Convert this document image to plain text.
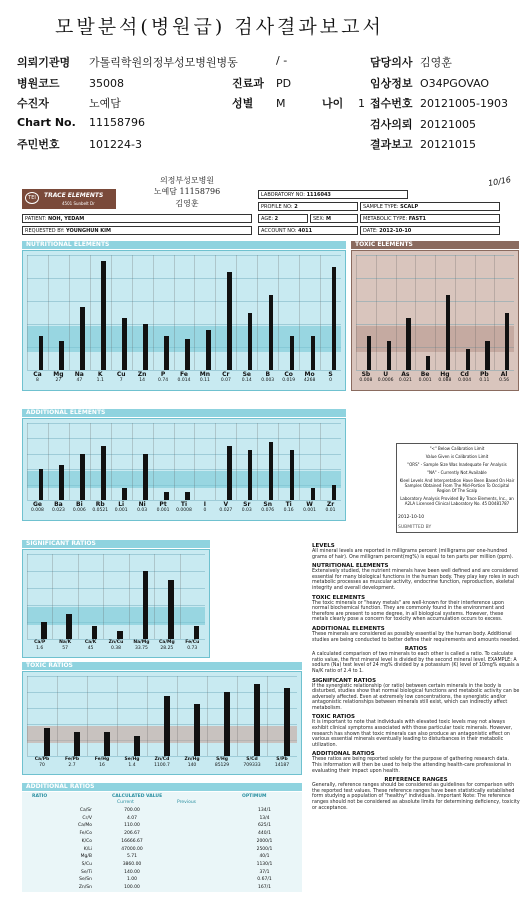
모발분석(병원급) 검사결과보고서
의뢰기관명 가톨릭학원의정부성모병원병동
병원코드	35008
수진자	노예담
Chart No. 11158796
주민번호	101224-3
/ -
진료과 PD
성별 M	나이 1
담당의사 김영훈
임상정보 O34PGOVAO
접수번호 20121005-1903
검사의뢰 20121005
결과보고 20121015
TEI	TRACE ELEMENTS
4501 Sunbelt Dr
의정부성모병원
노예담 11158796
김영훈
10/16
LABORATORY NO: 1116043
PROFILE NO: 2	SAMPLE TYPE: SCALP
PATIENT: NOH, YEDAM	AGE: 2	SEX: M	METABOLIC TYPE: FAST1
REQUESTED BY: YOUNGHUN KIM	ACCOUNT NO: 4011	DATE: 2012-10-10
NUTRITIONAL ELEMENTS
Ca
8
Mg
27
Na
47
K
1.1
Cu
7
Zn
14
P
0.74
Fe
0.014
Mn
0.11
Cr
0.07
Se
0.14
B
0.003
Co
0.019
Mo
4268
S
0
TOXIC ELEMENTS
Sb
0.008
U
0.0006
As
0.021
Be
0.001
Hg
0.088
Cd
0.004
Pb
0.11
Al
0.56
ADDITIONAL ELEMENTS
Ge
0.008
Ba
0.023
Bi
0.006
Rb
0.0521
Li
0.001
Ni
0.03
Pt
0.001
Ti
0.0008
I
0
V
0.027
Sr
0.03
Sn
0.076
Ti
0.16
W
0.001
Zr
0.01
"<" Below Calibration Limit
Value Given is Calibration Limit
"ORS" - Sample Size Was Inadequate For Analysis
"NA" - Currently Not Available
Kleel Levels And Interpretation Have Been Based On Hair Samples Obtained From The Mid-Portion To Occipital Region Of The Scalp
Laboratory Analysis Provided By Trace Elements, Inc., an A2LA Licensed Clinical Laboratory No. 45 D0481787
2012-10-10
SUBMITTED BY
SIGNIFICANT RATIOS
Ca/P
1.6
Na/K
57
Ca/K
45
Zn/Cu
0.38
Na/Mg
33.75
Ca/Mg
28.25
Fe/Cu
0.73
TOXIC RATIOS
Ca/Pb
70
Fe/Pb
2.7
Fe/Hg
16
Se/Hg
1.4
Zn/Cd
1100.7
Zn/Hg
140
S/Hg
85129
S/Cd
709333
S/Pb
14187
ADDITIONAL RATIOS
RATIO	CALCULATED VALUE	OPTIMUM
Current	Previous
Ca/Sr	700.00	134/1
Cr/V	4.07	13/4
Ca/Mo	110.00	625/1
Fe/Co	206.67	440/1
K/Co	16666.67	2000/1
K/Li	47000.00	2500/1
Mg/B	5.71	40/1
S/Cu	3860.00	1130/1
Se/Ti	140.00	37/1
Se/Sn	1.00	0.67/1
Zn/Sn	100.00	167/1
LEVELS
All mineral levels are reported in milligrams percent (milligrams per one-hundred grams of hair). One milligram percent(mg%) is equal to ten parts per million (ppm).
NUTRITIONAL ELEMENTS
Extensively studied, the nutrient minerals have been well defined and are considered essential for many biological functions in the human body. They play key roles in such metabolic processes as muscular activity, endocrine function, reproduction, skeletal integrity and overall development.
TOXIC ELEMENTS
The toxic minerals or "heavy metals" are well-known for their interference upon normal biochemical function. They are commonly found in the environment and therefore are present to some degree, in all biological systems. However, these metals clearly pose a concern for toxicity when accumulation occurs to excess.
ADDITIONAL ELEMENTS
These minerals are considered as possibly essential by the human body. Additional studies are being conducted to better define their requirements and amounts needed.
RATIOS
A calculated comparison of two minerals to each other is called a ratio. To calculate ratio value, the first mineral level is divided by the second mineral level. EXAMPLE: A sodium (Na) test level of 24 mg% divided by a potassium (K) level of 10mg% equals a Na/K ratio of 2.4 to 1.
SIGNIFICANT RATIOS
If the synergistic relationship (or ratio) between certain minerals in the body is disturbed, studies show that normal biological functions and metabolic activity can be adversely affected. Even at extremely low concentrations, the synergistic and/or antagonistic relationships between minerals still exist, which can indirectly affect metabolism.
TOXIC RATIOS
It is important to note that individuals with elevated toxic levels may not always exhibit clinical symptoms associated with those particular toxic minerals. However, research has shown that toxic minerals can also produce an antagonistic effect on various essential minerals eventually leading to disturbances in their metabolic utilization.
ADDITIONAL RATIOS
These ratios are being reported solely for the purpose of gathering research data. This information will then be used to help the attending health-care professional in evaluating their impact upon health.
REFERENCE RANGES
Generally, reference ranges should be considered as guidelines for comparison with the reported test values. These reference ranges have been statistically established form studying a population of "healthy" individuals. Important Note: The reference ranges should not be considered as absolute limits for determining deficiency, toxicity or acceptance.
